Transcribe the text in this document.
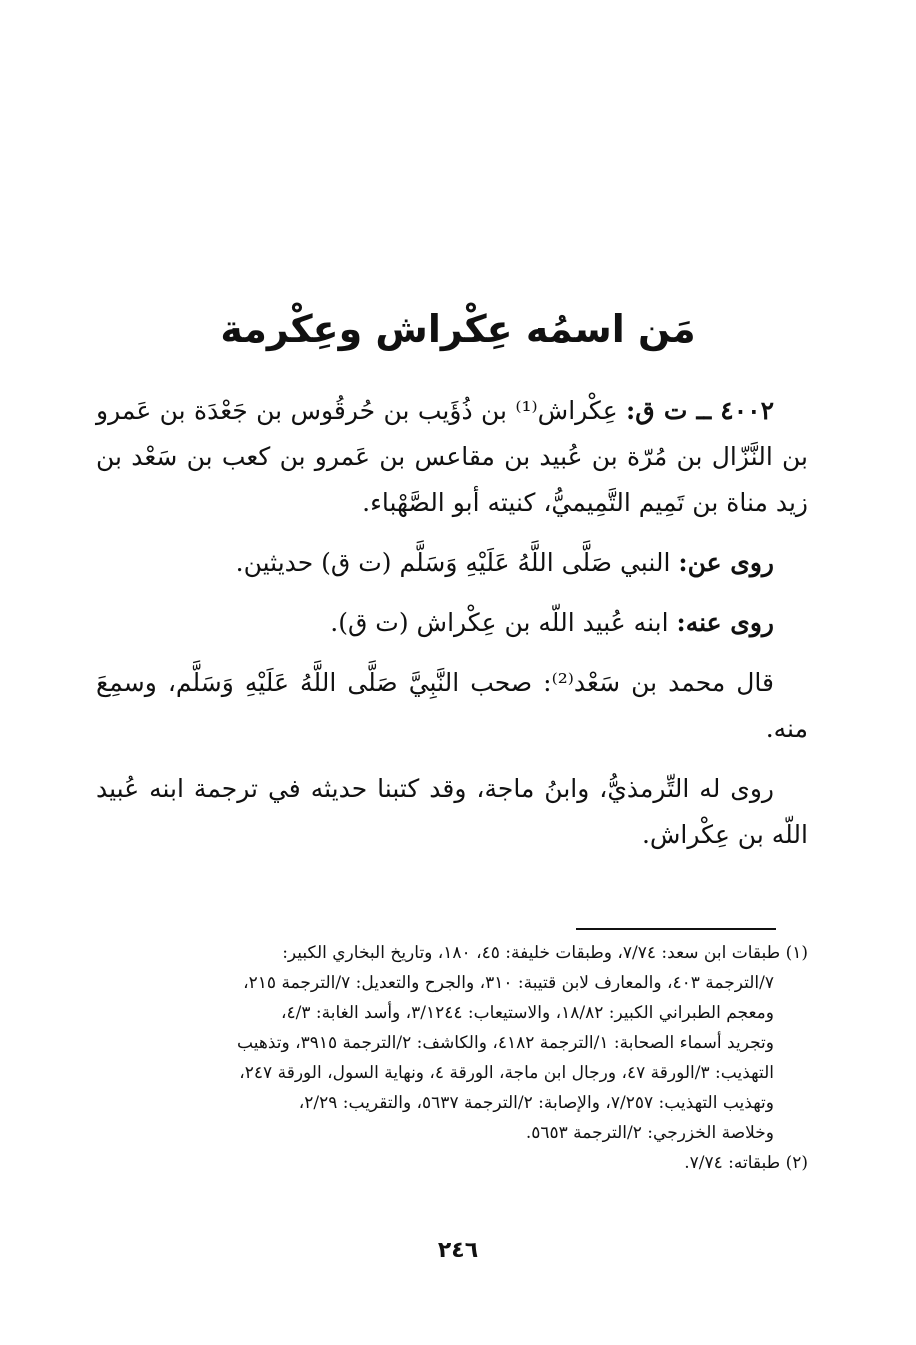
مَن اسمُه عِكْراش وعِكْرمة

٤٠٠٢ ــ ت ق: عِكْراش⁽¹⁾ بن ذُؤَيب بن حُرقُوس بن جَعْدَة بن عَمرو بن النَّزّال بن مُرّة بن عُبيد بن مقاعس بن عَمرو بن كعب بن سَعْد بن زيد مناة بن تَمِيم التَّمِيميُّ، كنيته أبو الصَّهْباء.

روى عن: النبي صَلَّى اللَّهُ عَلَيْهِ وَسَلَّم (ت ق) حديثين.

روى عنه: ابنه عُبيد اللّه بن عِكْراش (ت ق).

قال محمد بن سَعْد⁽²⁾: صحب النَّبِيَّ صَلَّى اللَّهُ عَلَيْهِ وَسَلَّم، وسمِعَ منه.

روى له التِّرمذيُّ، وابنُ ماجة، وقد كتبنا حديثه في ترجمة ابنه عُبيد اللّه بن عِكْراش.

(١) طبقات ابن سعد: ٧/٧٤، وطبقات خليفة: ٤٥، ١٨٠، وتاريخ البخاري الكبير:

٧/الترجمة ٤٠٣، والمعارف لابن قتيبة: ٣١٠، والجرح والتعديل: ٧/الترجمة ٢١٥،

ومعجم الطبراني الكبير: ١٨/٨٢، والاستيعاب: ٣/١٢٤٤، وأسد الغابة: ٤/٣،

وتجريد أسماء الصحابة: ١/الترجمة ٤١٨٢، والكاشف: ٢/الترجمة ٣٩١٥، وتذهيب

التهذيب: ٣/الورقة ٤٧، ورجال ابن ماجة، الورقة ٤، ونهاية السول، الورقة ٢٤٧،

وتهذيب التهذيب: ٧/٢٥٧، والإصابة: ٢/الترجمة ٥٦٣٧، والتقريب: ٢/٢٩،

وخلاصة الخزرجي: ٢/الترجمة ٥٦٥٣.

(٢) طبقاته: ٧/٧٤.

٢٤٦
